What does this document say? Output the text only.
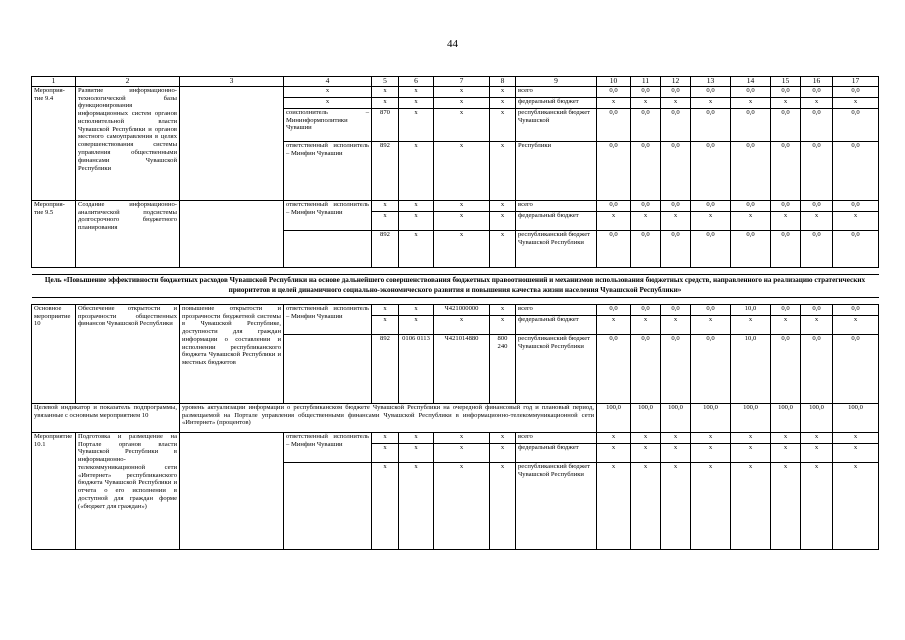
44
1	2	3	4	5	6	7	8	9	10	11	12	13	14	15	16	17
Мероприя-тие 9.4	Развитие информационно-технологической базы функционирования информационных систем органов исполнительной власти Чувашской Республики и органов местного самоуправления в целях совершенствования системы управления общественными финансами Чувашской Республики		х	х	х	х	х	всего	0,0	0,0	0,0	0,0	0,0	0,0	0,0	0,0
			х	х	х	х	х	федеральный бюджет	х	х	х	х	х	х	х	х
			соисполнитель – Мининформполитики Чувашии	870	х	х	х	республиканский бюджет Чувашской	0,0	0,0	0,0	0,0	0,0	0,0	0,0	0,0
			ответственный исполнитель – Минфин Чувашии	892	х	х	х	Республики	0,0	0,0	0,0	0,0	0,0	0,0	0,0	0,0
Мероприя-тие 9.5	Создание информационно-аналитической подсистемы долгосрочного бюджетного планирования		ответственный исполнитель – Минфин Чувашии	х	х	х	х	всего	0,0	0,0	0,0	0,0	0,0	0,0	0,0	0,0
				х	х	х	х	федеральный бюджет	х	х	х	х	х	х	х	х
				892	х	х	х	республиканский бюджет Чувашской Республики	0,0	0,0	0,0	0,0	0,0	0,0	0,0	0,0

Цель «Повышение эффективности бюджетных расходов Чувашской Республики на основе дальнейшего совершенствования бюджетных правоотношений и механизмов использования бюджетных средств, направленного на реализацию стратегических приоритетов и целей динамичного социально-экономического развития и повышения качества жизни населения Чувашской Республики»																

Основное мероприятие 10	Обеспечение открытости и прозрачности общественных финансов Чувашской Республики	повышение открытости и прозрачности бюджетной системы в Чувашской Республике, доступности для граждан информации о составлении и исполнении республиканского бюджета Чувашской Республики и местных бюджетов	ответственный исполнитель – Минфин Чувашии	х	х	Ч421000000	х	всего	0,0	0,0	0,0	0,0	10,0	0,0	0,0	0,0
				х	х	х	х	федеральный бюджет	х	х	х	х	х	х	х	х
				892	0106 0113	Ч421014880	800 240	республиканский бюджет Чувашской Республики	0,0	0,0	0,0	0,0	10,0	0,0	0,0	0,0
Целевой индикатор и показатель подпрограммы, увязанные с основным мероприятием 10		уровень актуализации информации о республиканском бюджете Чувашской Республики на очередной финансовый год и плановый период, размещаемой на Портале управления общественными финансами Чувашской Республики в информационно-телекоммуникационной сети «Интернет» (процентов)							100,0	100,0	100,0	100,0	100,0	100,0	100,0	100,0
Мероприятие 10.1	Подготовка и размещение на Портале органов власти Чувашской Республики в информационно-телекоммуникационной сети «Интернет» республиканского бюджета Чувашской Республики и отчета о его исполнении в доступной для граждан форме («бюджет для граждан»)		ответственный исполнитель – Минфин Чувашии	х	х	х	х	всего	х	х	х	х	х	х	х	х
				х	х	х	х	федеральный бюджет	х	х	х	х	х	х	х	х
				х	х	х	х	республиканский бюджет Чувашской Республики	х	х	х	х	х	х	х	х
